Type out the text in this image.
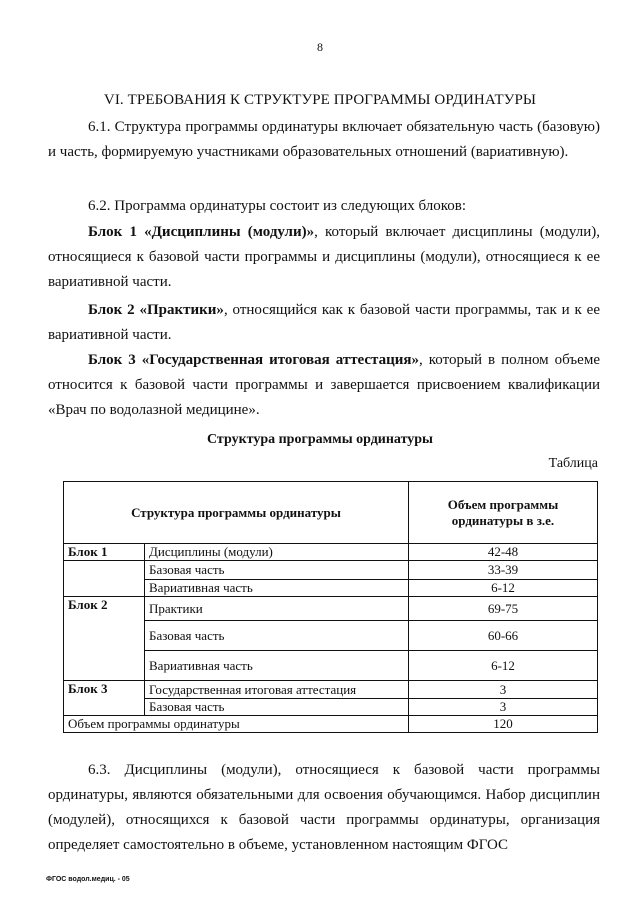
8
VI. ТРЕБОВАНИЯ К СТРУКТУРЕ ПРОГРАММЫ ОРДИНАТУРЫ
6.1. Структура программы ординатуры включает обязательную часть (базовую) и часть, формируемую участниками образовательных отношений (вариативную).
6.2. Программа ординатуры состоит из следующих блоков:
Блок 1 «Дисциплины (модули)», который включает дисциплины (модули), относящиеся к базовой части программы и дисциплины (модули), относящиеся к ее вариативной части.
Блок 2 «Практики», относящийся как к базовой части программы, так и к ее вариативной части.
Блок 3 «Государственная итоговая аттестация», который в полном объеме относится к базовой части программы и завершается присвоением квалификации «Врач по водолазной медицине».
Структура программы ординатуры
Таблица
Структура программы ординатуры		Объем программы ординатуры в з.е.
Блок 1	Дисциплины (модули)	42-48
	Базовая часть	33-39
	Вариативная часть	6-12
Блок 2	Практики	69-75
	Базовая часть	60-66
	Вариативная часть	6-12
Блок 3	Государственная итоговая аттестация	3
	Базовая часть	3
Объем программы ординатуры		120
6.3. Дисциплины (модули), относящиеся к базовой части программы ординатуры, являются обязательными для освоения обучающимся. Набор дисциплин (модулей), относящихся к базовой части программы ординатуры, организация определяет самостоятельно в объеме, установленном настоящим ФГОС
ФГОС водол.медиц. - 05
